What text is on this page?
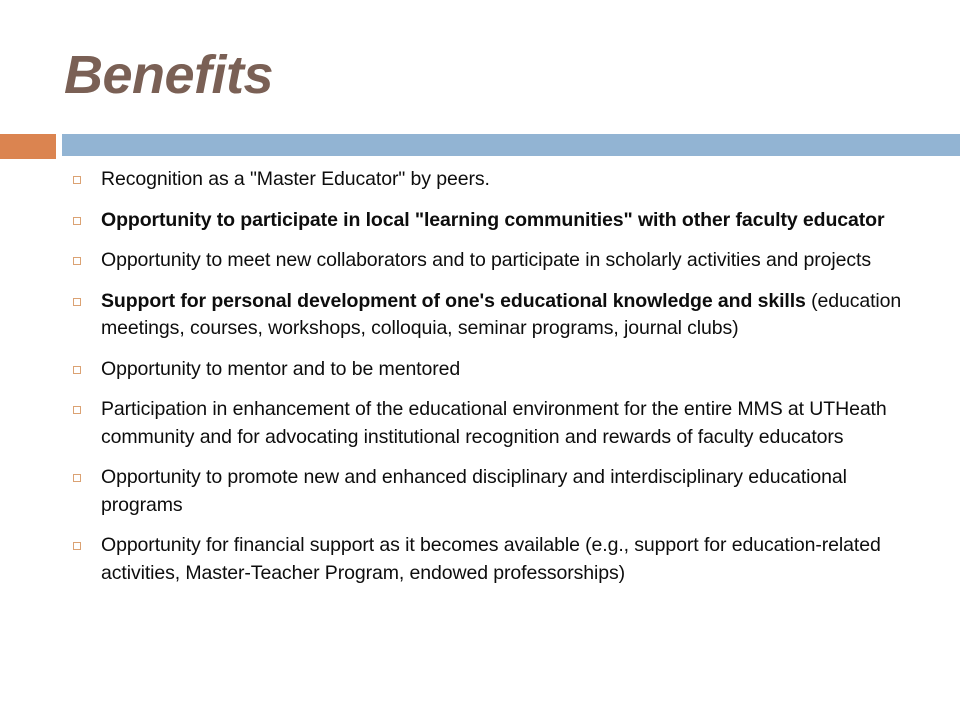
Benefits
Recognition as a "Master Educator" by peers.
Opportunity to participate in local "learning communities" with other faculty educator
Opportunity to meet new collaborators and to participate in scholarly activities and projects
Support for personal development of one's educational knowledge and skills (education meetings, courses, workshops, colloquia, seminar programs, journal clubs)
Opportunity to mentor and to be mentored
Participation in enhancement of the educational environment for the entire MMS at UTHeath community and for advocating institutional recognition and rewards of faculty educators
Opportunity to promote new and enhanced disciplinary and interdisciplinary educational programs
Opportunity for financial support as it becomes available (e.g., support for education-related activities, Master-Teacher Program, endowed professorships)
